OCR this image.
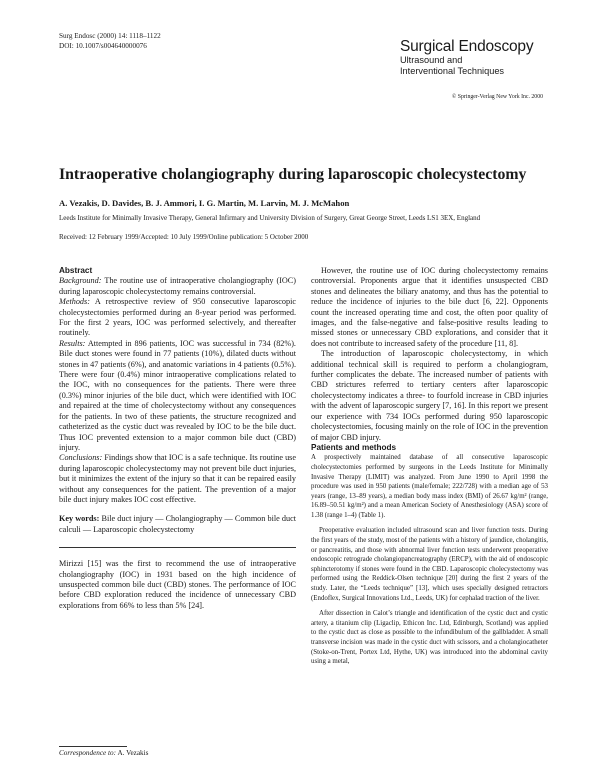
Surg Endosc (2000) 14: 1118–1122
DOI: 10.1007/s004640000076	Surgical Endoscopy
Ultrasound and
Interventional Techniques
© Springer-Verlag New York Inc. 2000
Intraoperative cholangiography during laparoscopic cholecystectomy
A. Vezakis, D. Davides, B. J. Ammori, I. G. Martin, M. Larvin, M. J. McMahon
Leeds Institute for Minimally Invasive Therapy, General Infirmary and University Division of Surgery, Great George Street, Leeds LS1 3EX, England
Received: 12 February 1999/Accepted: 10 July 1999/Online publication: 5 October 2000

Abstract

Background: The routine use of intraoperative cholangiography (IOC) during laparoscopic cholecystectomy remains controversial.

Methods: A retrospective review of 950 consecutive laparoscopic cholecystectomies performed during an 8-year period was performed. For the first 2 years, IOC was performed selectively, and thereafter routinely.

Results: Attempted in 896 patients, IOC was successful in 734 (82%). Bile duct stones were found in 77 patients (10%), dilated ducts without stones in 47 patients (6%), and anatomic variations in 4 patients (0.5%). There were four (0.4%) minor intraoperative complications related to the IOC, with no consequences for the patients. There were three (0.3%) minor injuries of the bile duct, which were identified with IOC and repaired at the time of cholecystectomy without any consequences for the patients. In two of these patients, the structure recognized and catheterized as the cystic duct was revealed by IOC to be the bile duct. Thus IOC prevented extension to a major common bile duct (CBD) injury.

Conclusions: Findings show that IOC is a safe technique. Its routine use during laparoscopic cholecystectomy may not prevent bile duct injuries, but it minimizes the extent of the injury so that it can be repaired easily without any consequences for the patient. The prevention of a major bile duct injury makes IOC cost effective.

Key words: Bile duct injury — Cholangiography — Common bile duct calculi — Laparoscopic cholecystectomy

Mirizzi [15] was the first to recommend the use of intraoperative cholangiography (IOC) in 1931 based on the high incidence of unsuspected common bile duct (CBD) stones. The performance of IOC before CBD exploration reduced the incidence of unnecessary CBD explorations from 66% to less than 5% [24].

However, the routine use of IOC during cholecystectomy remains controversial. Proponents argue that it identifies unsuspected CBD stones and delineates the biliary anatomy, and thus has the potential to reduce the incidence of injuries to the bile duct [6, 22]. Opponents count the increased operating time and cost, the often poor quality of images, and the false-negative and false-positive results leading to missed stones or unnecessary CBD explorations, and consider that it does not contribute to increased safety of the procedure [11, 8].

The introduction of laparoscopic cholecystectomy, in which additional technical skill is required to perform a cholangiogram, further complicates the debate. The increased number of patients with CBD strictures referred to tertiary centers after laparoscopic cholecystectomy indicates a three- to fourfold increase in CBD injuries with the advent of laparoscopic surgery [7, 16]. In this report we present our experience with 734 IOCs performed during 950 laparoscopic cholecystectomies, focusing mainly on the role of IOC in the prevention of major CBD injury.

Patients and methods

A prospectively maintained database of all consecutive laparoscopic cholecystectomies performed by surgeons in the Leeds Institute for Minimally Invasive Therapy (LIMIT) was analyzed. From June 1990 to April 1998 the procedure was used in 950 patients (male/female; 222/728) with a median age of 53 years (range, 13–89 years), a median body mass index (BMI) of 26.67 kg/m² (range, 16.89–50.51 kg/m²) and a mean American Society of Anesthesiology (ASA) score of 1.38 (range 1–4) (Table 1).

Preoperative evaluation included ultrasound scan and liver function tests. During the first years of the study, most of the patients with a history of jaundice, cholangitis, or pancreatitis, and those with abnormal liver function tests underwent preoperative endoscopic retrograde cholangiopancreatography (ERCP), with the aid of endoscopic sphincterotomy if stones were found in the CBD. Laparoscopic cholecystectomy was performed using the Reddick-Olsen technique [20] during the first 2 years of the study. Later, the “Leeds technique” [13], which uses specially designed retractors (Endoflex, Surgical Innovations Ltd., Leeds, UK) for cephalad traction of the liver.

After dissection in Calot’s triangle and identification of the cystic duct and cystic artery, a titanium clip (Ligaclip, Ethicon Inc. Ltd, Edinburgh, Scotland) was applied to the cystic duct as close as possible to the infundibulum of the gallbladder. A small transverse incision was made in the cystic duct with scissors, and a cholangiocatheter (Stoke-on-Trent, Portex Ltd, Hythe, UK) was introduced into the abdominal cavity using a metal,

Correspondence to: A. Vezakis
